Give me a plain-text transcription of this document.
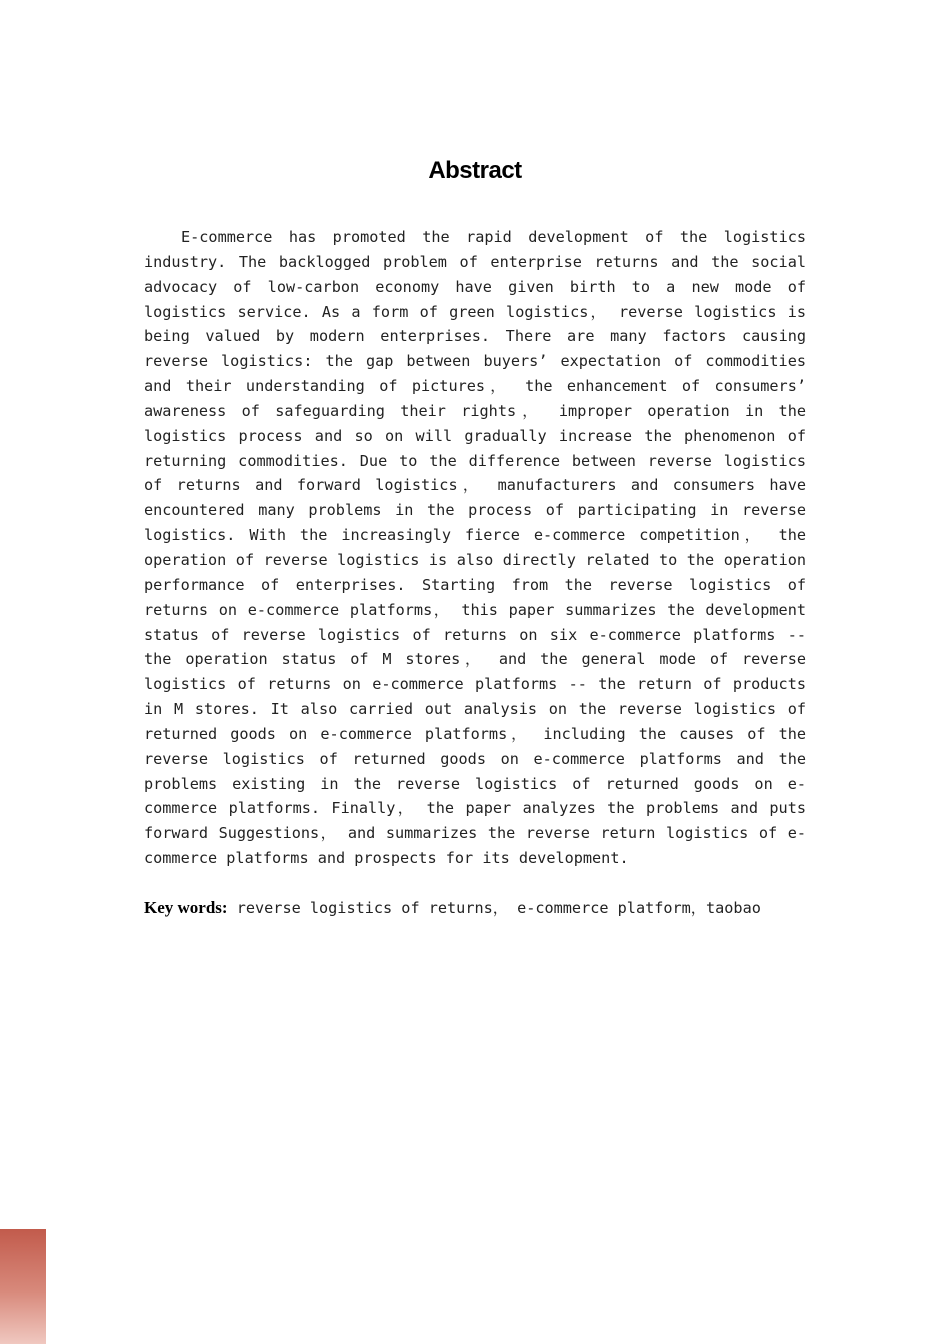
Abstract

E-commerce has promoted the rapid development of the logistics industry. The backlogged problem of enterprise returns and the social advocacy of low-carbon economy have given birth to a new mode of logistics service. As a form of green logistics， reverse logistics is being valued by modern enterprises. There are many factors causing reverse logistics: the gap between buyers’ expectation of commodities and their understanding of pictures， the enhancement of consumers’ awareness of safeguarding their rights， improper operation in the logistics process and so on will gradually increase the phenomenon of returning commodities. Due to the difference between reverse logistics of returns and forward logistics， manufacturers and consumers have encountered many problems in the process of participating in reverse logistics. With the increasingly fierce e-commerce competition， the operation of reverse logistics is also directly related to the operation performance of enterprises. Starting from the reverse logistics of returns on e-commerce platforms， this paper summarizes the development status of reverse logistics of returns on six e-commerce platforms -- the operation status of M stores， and the general mode of reverse logistics of returns on e-commerce platforms -- the return of products in M stores. It also carried out analysis on the reverse logistics of returned goods on e-commerce platforms， including the causes of the reverse logistics of returned goods on e-commerce platforms and the problems existing in the reverse logistics of returned goods on e-commerce platforms. Finally， the paper analyzes the problems and puts forward Suggestions， and summarizes the reverse return logistics of e-commerce platforms and prospects for its development.

Key words: reverse logistics of returns， e-commerce platform，taobao
